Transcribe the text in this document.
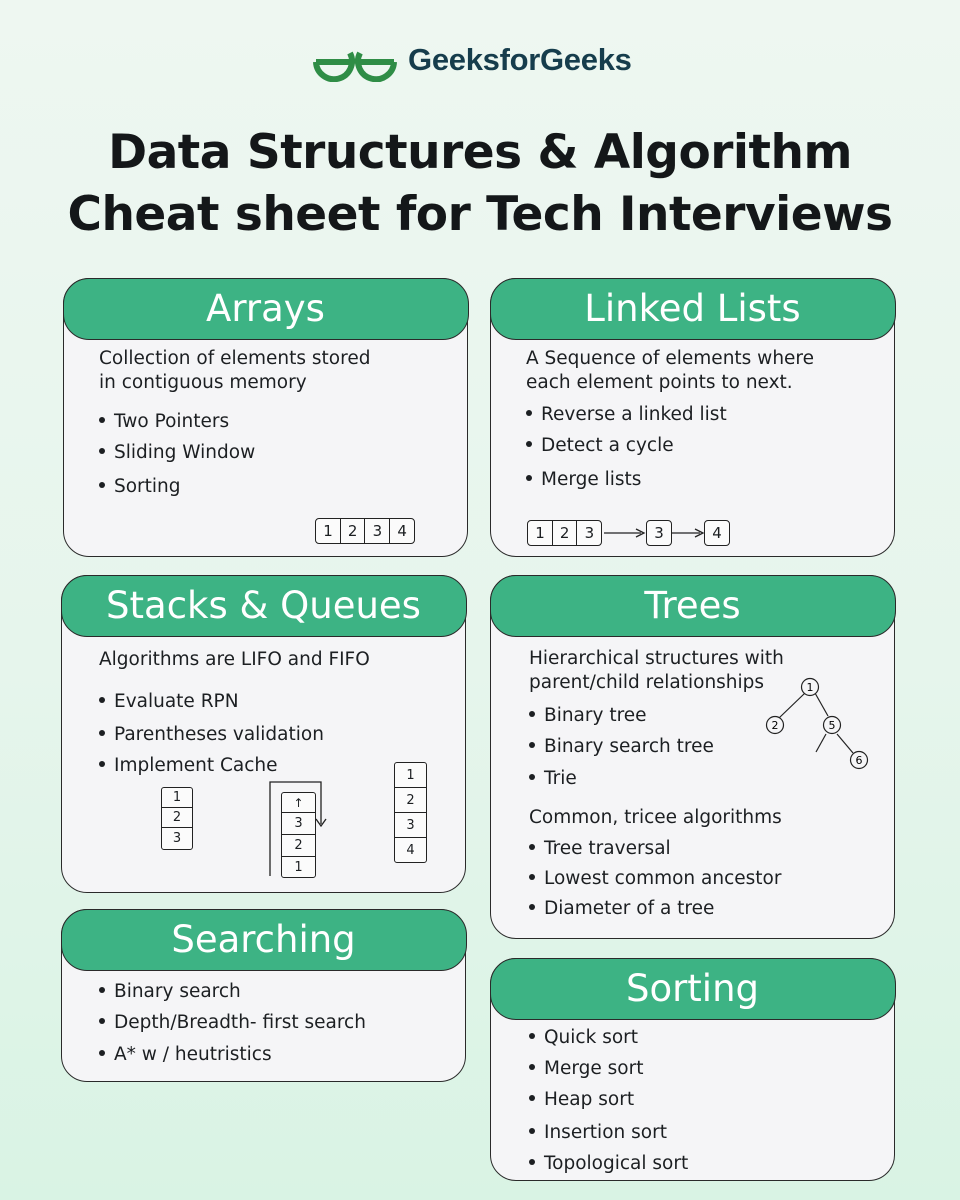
GeeksforGeeks
Data Structures & Algorithm
Cheat sheet for Tech Interviews
Arrays
Collection of elements stored
in contiguous memory
Two Pointers
Sliding Window
Sorting
1	2	3	4
Linked Lists
A Sequence of elements where
each element points to next.
Reverse a linked list
Detect a cycle
Merge lists
1	2	3	3	4
Stacks & Queues
Algorithms are LIFO and FIFO
Evaluate RPN
Parentheses validation
Implement Cache
1
2
3
↑
3
2
1
1
2
3
4
Trees
Hierarchical structures with
parent/child relationships
Binary tree
Binary search tree
Trie
Common, tricee algorithms
Tree traversal
Lowest common ancestor
Diameter of a tree
1
2	5
6
Searching
Binary search
Depth/Breadth- first search
A* w / heutristics
Sorting
Quick sort
Merge sort
Heap sort
Insertion sort
Topological sort
